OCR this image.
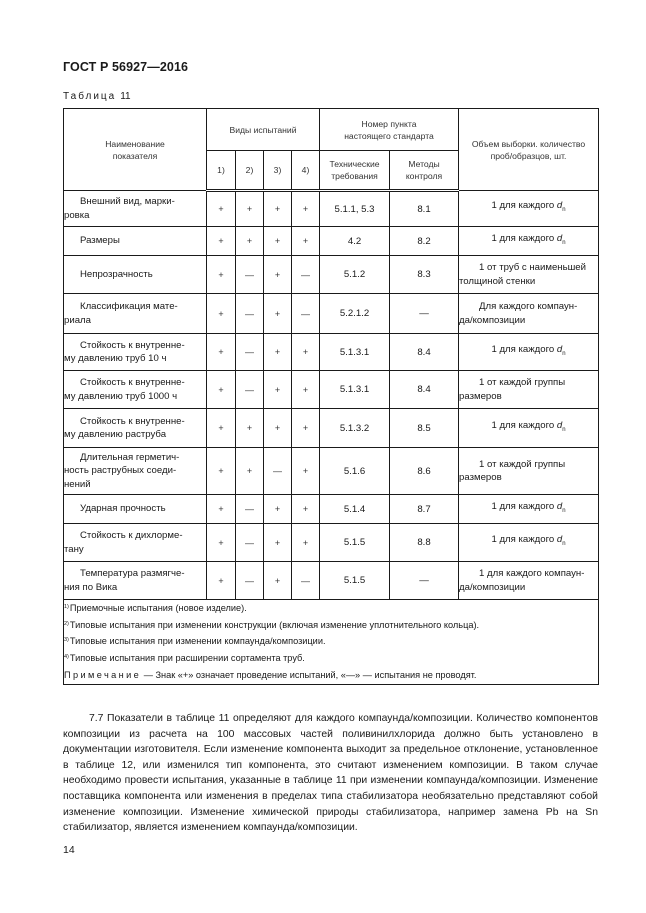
ГОСТ Р 56927—2016
Таблица 11
Наименование показателя	Виды испытаний				Номер пункта настоящего стандарта		Объем выборки. количество проб/образцов, шт.
	1)	2)	3)	4)	Технические требования	Методы контроля	
Внешний вид, марки-
ровка	+	+	+	+	5.1.1, 5.3	8.1	1 для каждого $d_n$
Размеры	+	+	+	+	4.2	8.2	1 для каждого $d_n$
Непрозрачность	+	—	+	—	5.1.2	8.3	1 от труб с наименьшей
толщиной стенки
Классификация мате-
риала	+	—	+	—	5.2.1.2	—	Для каждого компаун-
да/композиции
Стойкость к внутренне-
му давлению труб 10 ч	+	—	+	+	5.1.3.1	8.4	1 для каждого $d_n$
Стойкость к внутренне-
му давлению труб 1000 ч	+	—	+	+	5.1.3.1	8.4	1 от каждой группы
размеров
Стойкость к внутренне-
му давлению раструба	+	+	+	+	5.1.3.2	8.5	1 для каждого $d_n$
Длительная герметич-
ность раструбных соеди-
нений	+	+	—	+	5.1.6	8.6	1 от каждой группы
размеров
Ударная прочность	+	—	+	+	5.1.4	8.7	1 для каждого $d_n$
Стойкость к дихлорме-
тану	+	—	+	+	5.1.5	8.8	1 для каждого $d_n$
Температура размягче-
ния по Вика	+	—	+	—	5.1.5	—	1 для каждого компаун-
да/композиции

$^{1)}$Приемочные испытания (новое изделие).
$^{2)}$Типовые испытания при изменении конструкции (включая изменение уплотнительного кольца).
$^{3)}$Типовые испытания при изменении компаунда/композиции.
$^{4)}$Типовые испытания при расширении сортамента труб.
Примечание — Знак «+» означает проведение испытаний, «—» — испытания не проводят.							
7.7 Показатели в таблице 11 определяют для каждого компаунда/композиции. Количество компонентов композиции из расчета на 100 массовых частей поливинилхлорида должно быть установлено в документации изготовителя. Если изменение компонента выходит за предельное отклонение, установленное в таблице 12, или изменился тип компонента, это считают изменением композиции. В таком случае необходимо провести испытания, указанные в таблице 11 при изменении компаунда/композиции. Изменение поставщика компонента или изменения в пределах типа стабилизатора необязательно представляют собой изменение композиции. Изменение химической природы стабилизатора, например замена Pb на Sn стабилизатор, является изменением компаунда/композиции.
14
